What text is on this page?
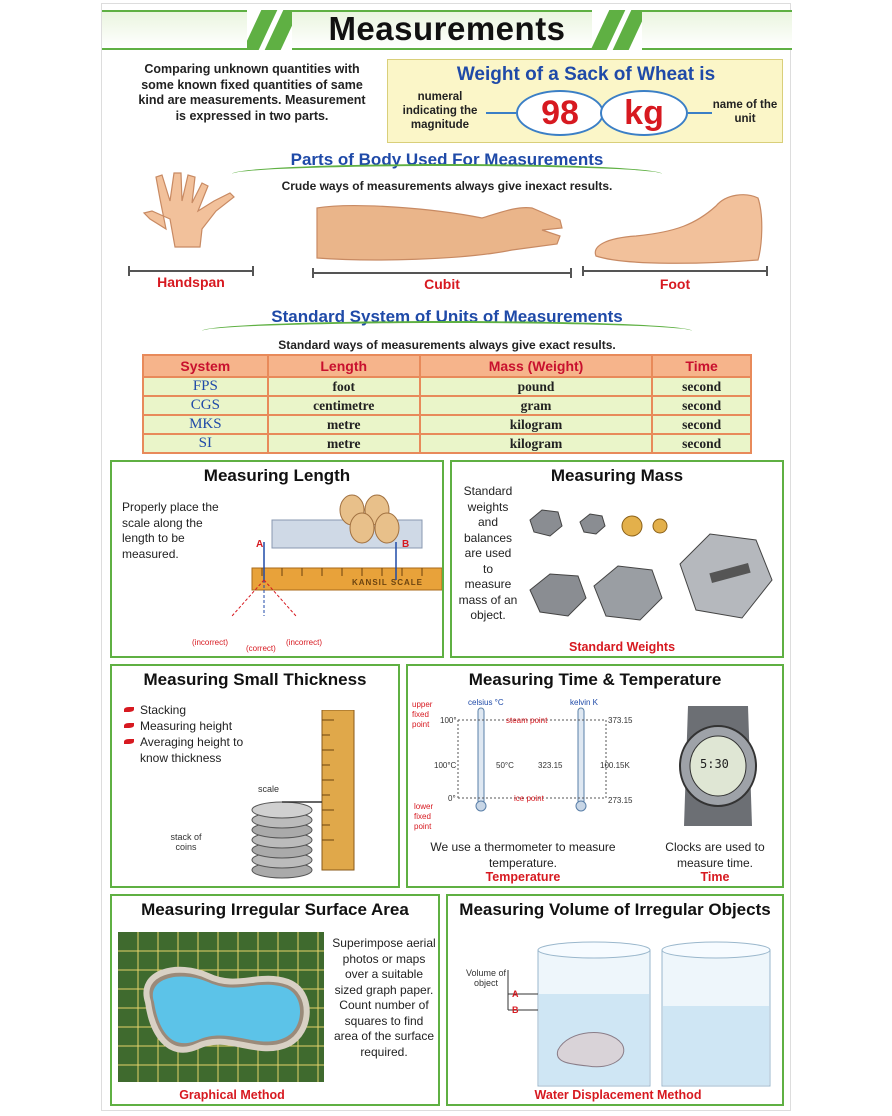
Measurements
Comparing unknown quantities with some known fixed quantities of same kind are measurements. Measurement is expressed in two parts.
Weight of a Sack of Wheat is
numeral indicating the magnitude	98	kg	name of the unit
Parts of Body Used For Measurements
Crude ways of measurements always give inexact results.
Handspan	Cubit	Foot
Standard System of Units of Measurements
Standard ways of measurements always give exact results.
System	Length	Mass (Weight)	Time
FPS	foot	pound	second
CGS	centimetre	gram	second
MKS	metre	kilogram	second
SI	metre	kilogram	second
Measuring Length
Properly place the scale along the length to be measured.
A	B
KANSIL SCALE
(incorrect)
(correct)
(incorrect)
Measuring Mass
Standard weights and balances are used to measure mass of an object.
Standard Weights
Measuring Small Thickness
Stacking
Measuring height
Averaging height to know thickness
scale
stack of coins
Measuring Time & Temperature
upper fixed point
celsius °C	kelvin K
100°	steam point	373.15
100°C	50°C	323.15	100.15K
0°	ice point	273.15
lower fixed point
We use a thermometer to measure temperature.
Temperature
5:30
Clocks are used to measure time.
Time
Measuring Irregular Surface Area
Superimpose aerial photos or maps over a suitable sized graph paper. Count number of squares to find area of the surface required.
Graphical Method
Measuring Volume of Irregular Objects
Volume of object
A
B
Water Displacement Method
